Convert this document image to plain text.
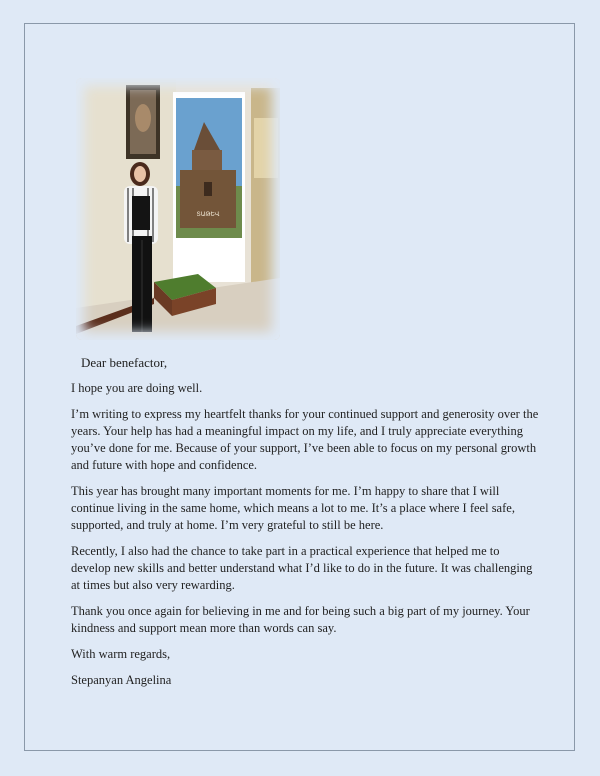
ՏԱԹԵՎ

Dear benefactor,

I hope you are doing well.

I’m writing to express my heartfelt thanks for your continued support and generosity over the years. Your help has had a meaningful impact on my life, and I truly appreciate everything you’ve done for me. Because of your support, I’ve been able to focus on my personal growth and future with hope and confidence.

This year has brought many important moments for me. I’m happy to share that I will continue living in the same home, which means a lot to me. It’s a place where I feel safe, supported, and truly at home. I’m very grateful to still be here.

Recently, I also had the chance to take part in a practical experience that helped me to develop new skills and better understand what I’d like to do in the future. It was challenging at times but also very rewarding.

Thank you once again for believing in me and for being such a big part of my journey. Your kindness and support mean more than words can say.

With warm regards,

Stepanyan Angelina
